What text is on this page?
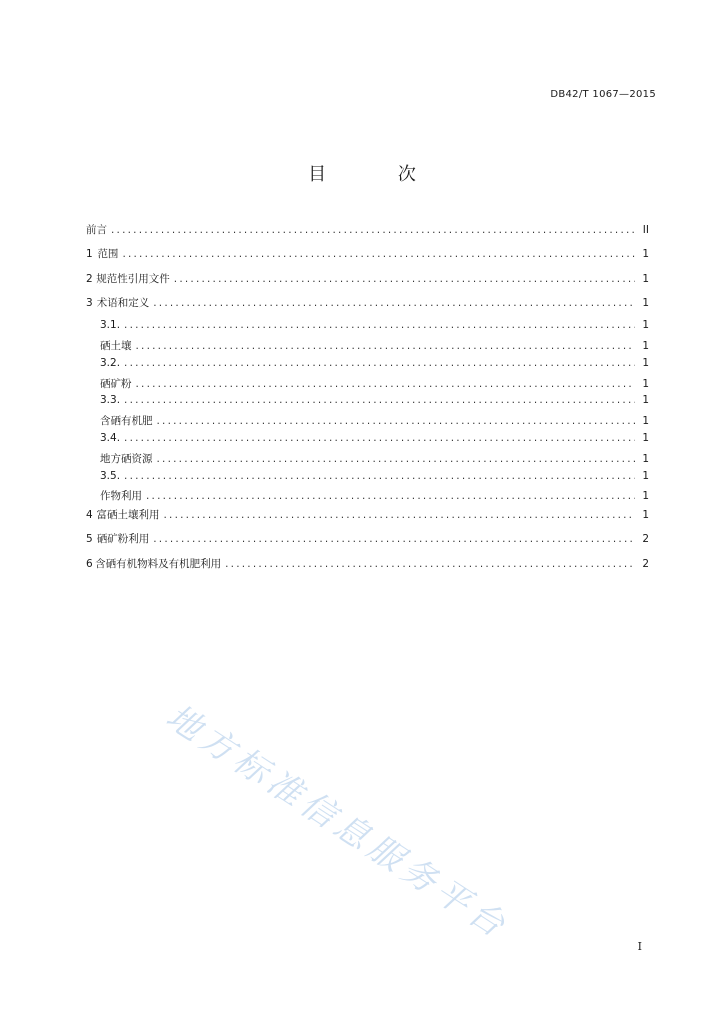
DB42/T 1067—2015
目 次
前言 .....	II
1 范围 .....	1
2 规范性引用文件 .....	1
3 术语和定义 .....	1
3.1. .....	1
硒土壤 .....	1
3.2. .....	1
硒矿粉 .....	1
3.3. .....	1
含硒有机肥 .....	1
3.4. .....	1
地方硒资源 .....	1
3.5. .....	1
作物利用 .....	1
4 富硒土壤利用 .....	1
5 硒矿粉利用 .....	2
6 含硒有机物料及有机肥利用 .....	2
地方标准信息服务平台	I
